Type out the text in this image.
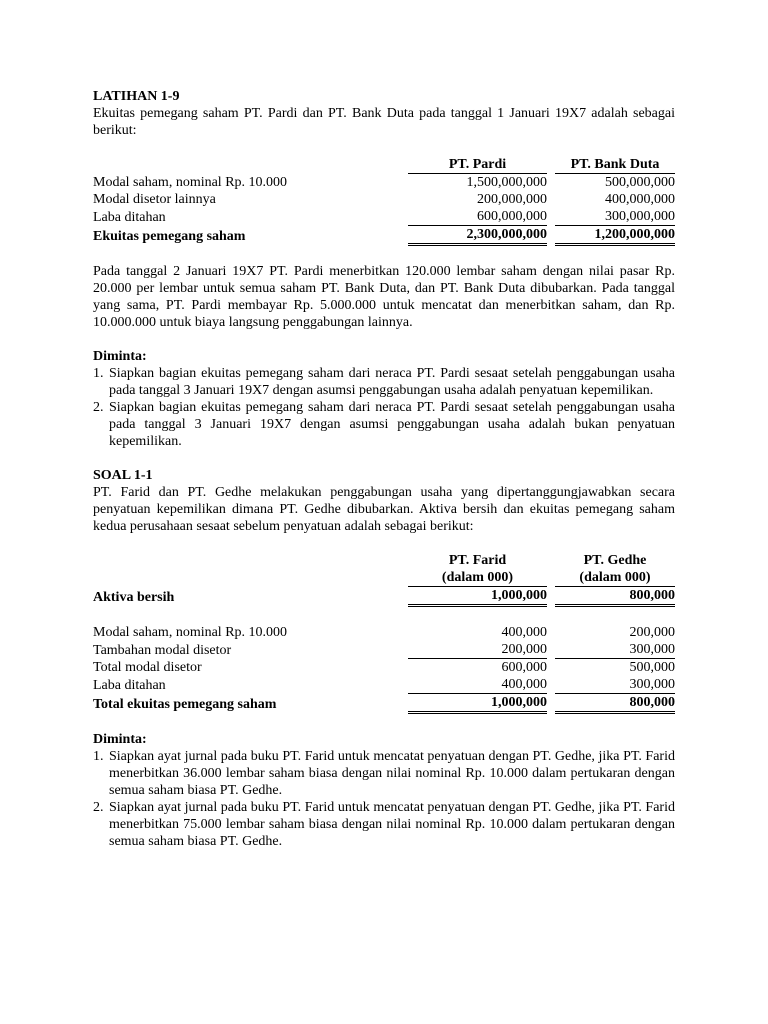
LATIHAN 1-9

Ekuitas pemegang saham PT. Pardi dan PT. Bank Duta pada tanggal 1 Januari 19X7 adalah sebagai berikut:

	PT. Pardi		PT. Bank Duta
Modal saham, nominal Rp. 10.000	1,500,000,000		500,000,000
Modal disetor lainnya	200,000,000		400,000,000
Laba ditahan	600,000,000		300,000,000
Ekuitas pemegang saham	2,300,000,000		1,200,000,000

Pada tanggal 2 Januari 19X7 PT. Pardi menerbitkan 120.000 lembar saham dengan nilai pasar Rp. 20.000 per lembar untuk semua saham PT. Bank Duta, dan PT. Bank Duta dibubarkan. Pada tanggal yang sama, PT. Pardi membayar Rp. 5.000.000 untuk mencatat dan menerbitkan saham, dan Rp. 10.000.000 untuk biaya langsung penggabungan lainnya.

Diminta:
1. Siapkan bagian ekuitas pemegang saham dari neraca PT. Pardi sesaat setelah penggabungan usaha pada tanggal 3 Januari 19X7 dengan asumsi penggabungan usaha adalah penyatuan kepemilikan.
2. Siapkan bagian ekuitas pemegang saham dari neraca PT. Pardi sesaat setelah penggabungan usaha pada tanggal 3 Januari 19X7 dengan asumsi penggabungan usaha adalah bukan penyatuan kepemilikan.
SOAL 1-1

PT. Farid dan PT. Gedhe melakukan penggabungan usaha yang dipertanggungjawabkan secara penyatuan kepemilikan dimana PT. Gedhe dibubarkan. Aktiva bersih dan ekuitas pemegang saham kedua perusahaan sesaat sebelum penyatuan adalah sebagai berikut:

	PT. Farid		PT. Gedhe
	(dalam 000)		(dalam 000)
Aktiva bersih	1,000,000		800,000

Modal saham, nominal Rp. 10.000	400,000		200,000
Tambahan modal disetor	200,000		300,000
Total modal disetor	600,000		500,000
Laba ditahan	400,000		300,000
Total ekuitas pemegang saham	1,000,000		800,000
Diminta:
1. Siapkan ayat jurnal pada buku PT. Farid untuk mencatat penyatuan dengan PT. Gedhe, jika PT. Farid menerbitkan 36.000 lembar saham biasa dengan nilai nominal Rp. 10.000 dalam pertukaran dengan semua saham biasa PT. Gedhe.
2. Siapkan ayat jurnal pada buku PT. Farid untuk mencatat penyatuan dengan PT. Gedhe, jika PT. Farid menerbitkan 75.000 lembar saham biasa dengan nilai nominal Rp. 10.000 dalam pertukaran dengan semua saham biasa PT. Gedhe.
